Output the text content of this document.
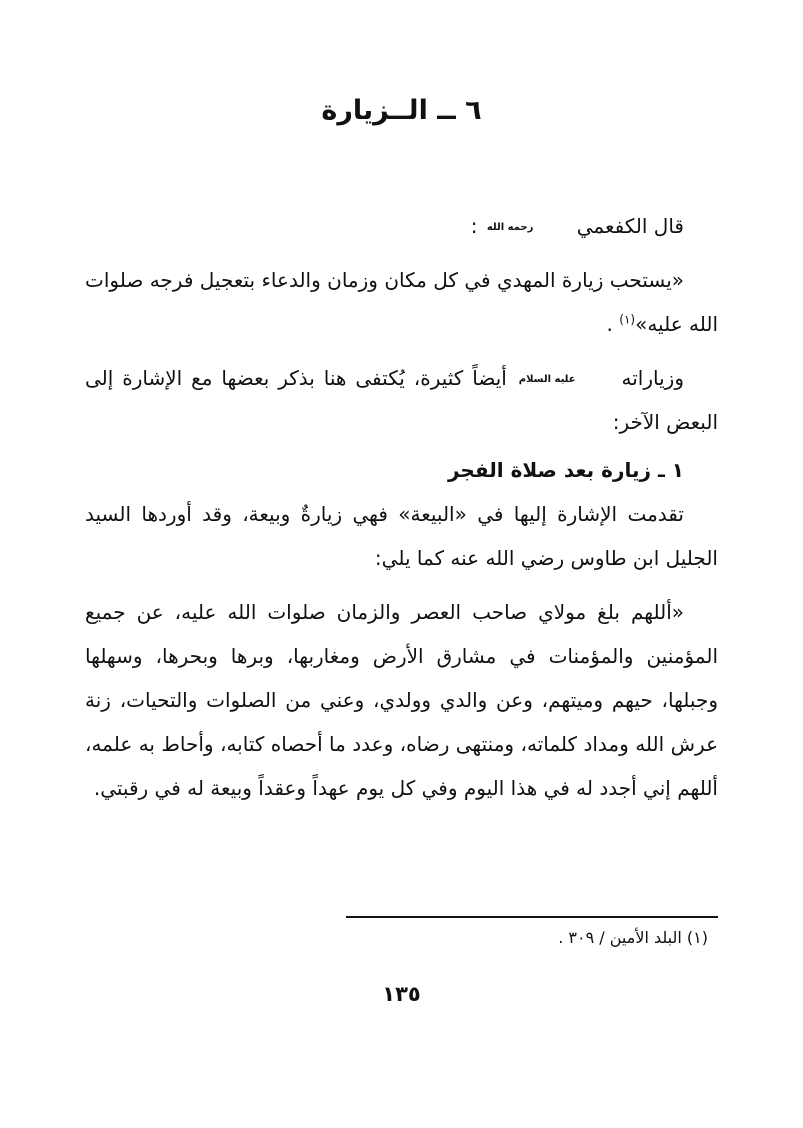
٦ ــ الــزيارة

قال الكفعمي رحمه الله :

«يستحب زيارة المهدي في كل مكان وزمان والدعاء بتعجيل فرجه صلوات الله عليه»$^{(١)}$ .

وزياراته عليه السلام أيضاً كثيرة، يُكتفى هنا بذكر بعضها مع الإشارة إلى البعض الآخر:

١ ـ زيارة بعد صلاة الفجر

تقدمت الإشارة إليها في «البيعة» فهي زيارةٌ وبيعة، وقد أوردها السيد الجليل ابن طاوس رضي الله عنه كما يلي:

«أللهم بلغ مولاي صاحب العصر والزمان صلوات الله عليه، عن جميع المؤمنين والمؤمنات في مشارق الأرض ومغاربها، وبرها وبحرها، وسهلها وجبلها، حيهم وميتهم، وعن والدي وولدي، وعني من الصلوات والتحيات، زنة عرش الله ومداد كلماته، ومنتهى رضاه، وعدد ما أحصاه كتابه، وأحاط به علمه، أللهم إني أجدد له في هذا اليوم وفي كل يوم عهداً وعقداً وبيعة له في رقبتي.

(١) البلد الأمين / ٣٠٩ .
١٣٥
